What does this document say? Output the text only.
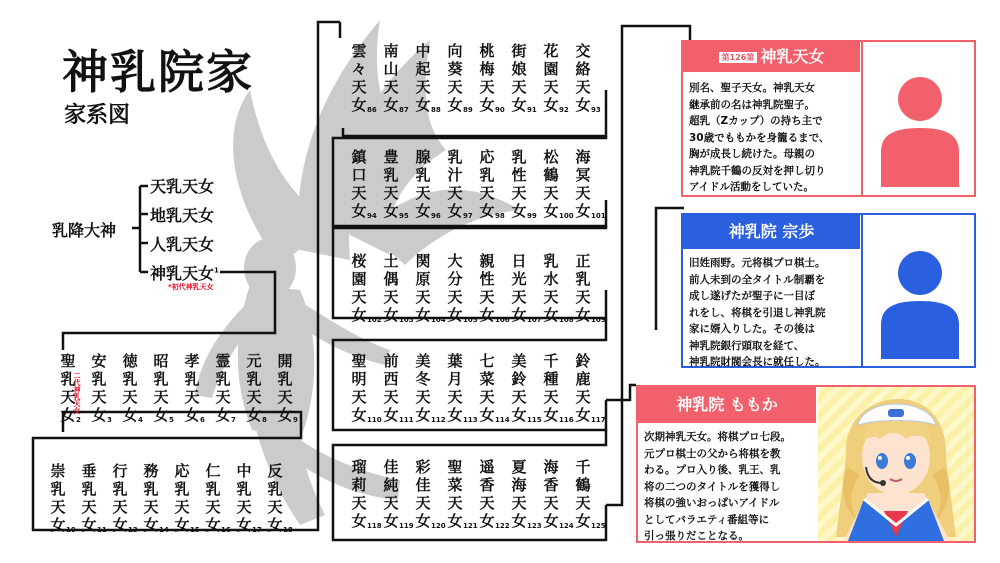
神乳院家
家系図
乳降大神
天乳天女
地乳天女
人乳天女
神乳天女$^1$
*初代神乳天女
二代神乳天女
聖
乳
天
女 2
安
乳
天
女 3
徳
乳
天
女 4
昭
乳
天
女 5
孝
乳
天
女 6
霊
乳
天
女 7
元
乳
天
女 8
開
乳
天
女 9
崇
乳
天
女 10
垂
乳
天
女 11
行
乳
天
女 13
務
乳
天
女 14
応
乳
天
女 15
仁
乳
天
女 16
中
乳
天
女 17
反
乳
天
女 18
雲
々
天
女 86
南
山
天
女 87
中
起
天
女 88
向
葵
天
女 89
桃
梅
天
女 90
街
娘
天
女 91
花
園
天
女 92
交
絡
天
女 93
鎮
口
天
女 94
豊
乳
天
女 95
腺
乳
天
女 96
乳
汁
天
女 97
応
乳
天
女 98
乳
性
天
女 99
松
鶴
天
女 100
海
冥
天
女 101
桜
園
天
女 102
土
偶
天
女 103
関
原
天
女 104
大
分
天
女 105
親
性
天
女 106
日
光
天
女 107
乳
水
天
女 108
正
乳
天
女 109
聖
明
天
女 110
前
西
天
女 111
美
冬
天
女 112
葉
月
天
女 113
七
菜
天
女 114
美
鈴
天
女 115
千
種
天
女 116
鈴
鹿
天
女 117
瑠
莉
天
女 118
佳
純
天
女 119
彩
佳
天
女 120
聖
菜
天
女 121
遥
香
天
女 122
夏
海
天
女 123
海
香
天
女 124
千
鶴
天
女 125
第126第 神乳天女
別名、聖子天女。神乳天女
継承前の名は神乳院聖子。
超乳（Zカップ）の持ち主で
30歳でももかを身籠るまで、
胸が成長し続けた。母親の
神乳院千鶴の反対を押し切り
アイドル活動をしていた。
神乳院 宗歩
旧姓雨野。元将棋プロ棋士。
前人未到の全タイトル制覇を
成し遂げたが聖子に一目ぼ
れをし、将棋を引退し神乳院
家に婿入りした。その後は
神乳院銀行頭取を経て、
神乳院財閥会長に就任した。
神乳院 ももか
次期神乳天女。将棋プロ七段。
元プロ棋士の父から将棋を教
わる。プロ入り後、乳王、乳
将の二つのタイトルを獲得し
将棋の強いおっぱいアイドル
としてバラエティ番組等に
引っ張りだことなる。
